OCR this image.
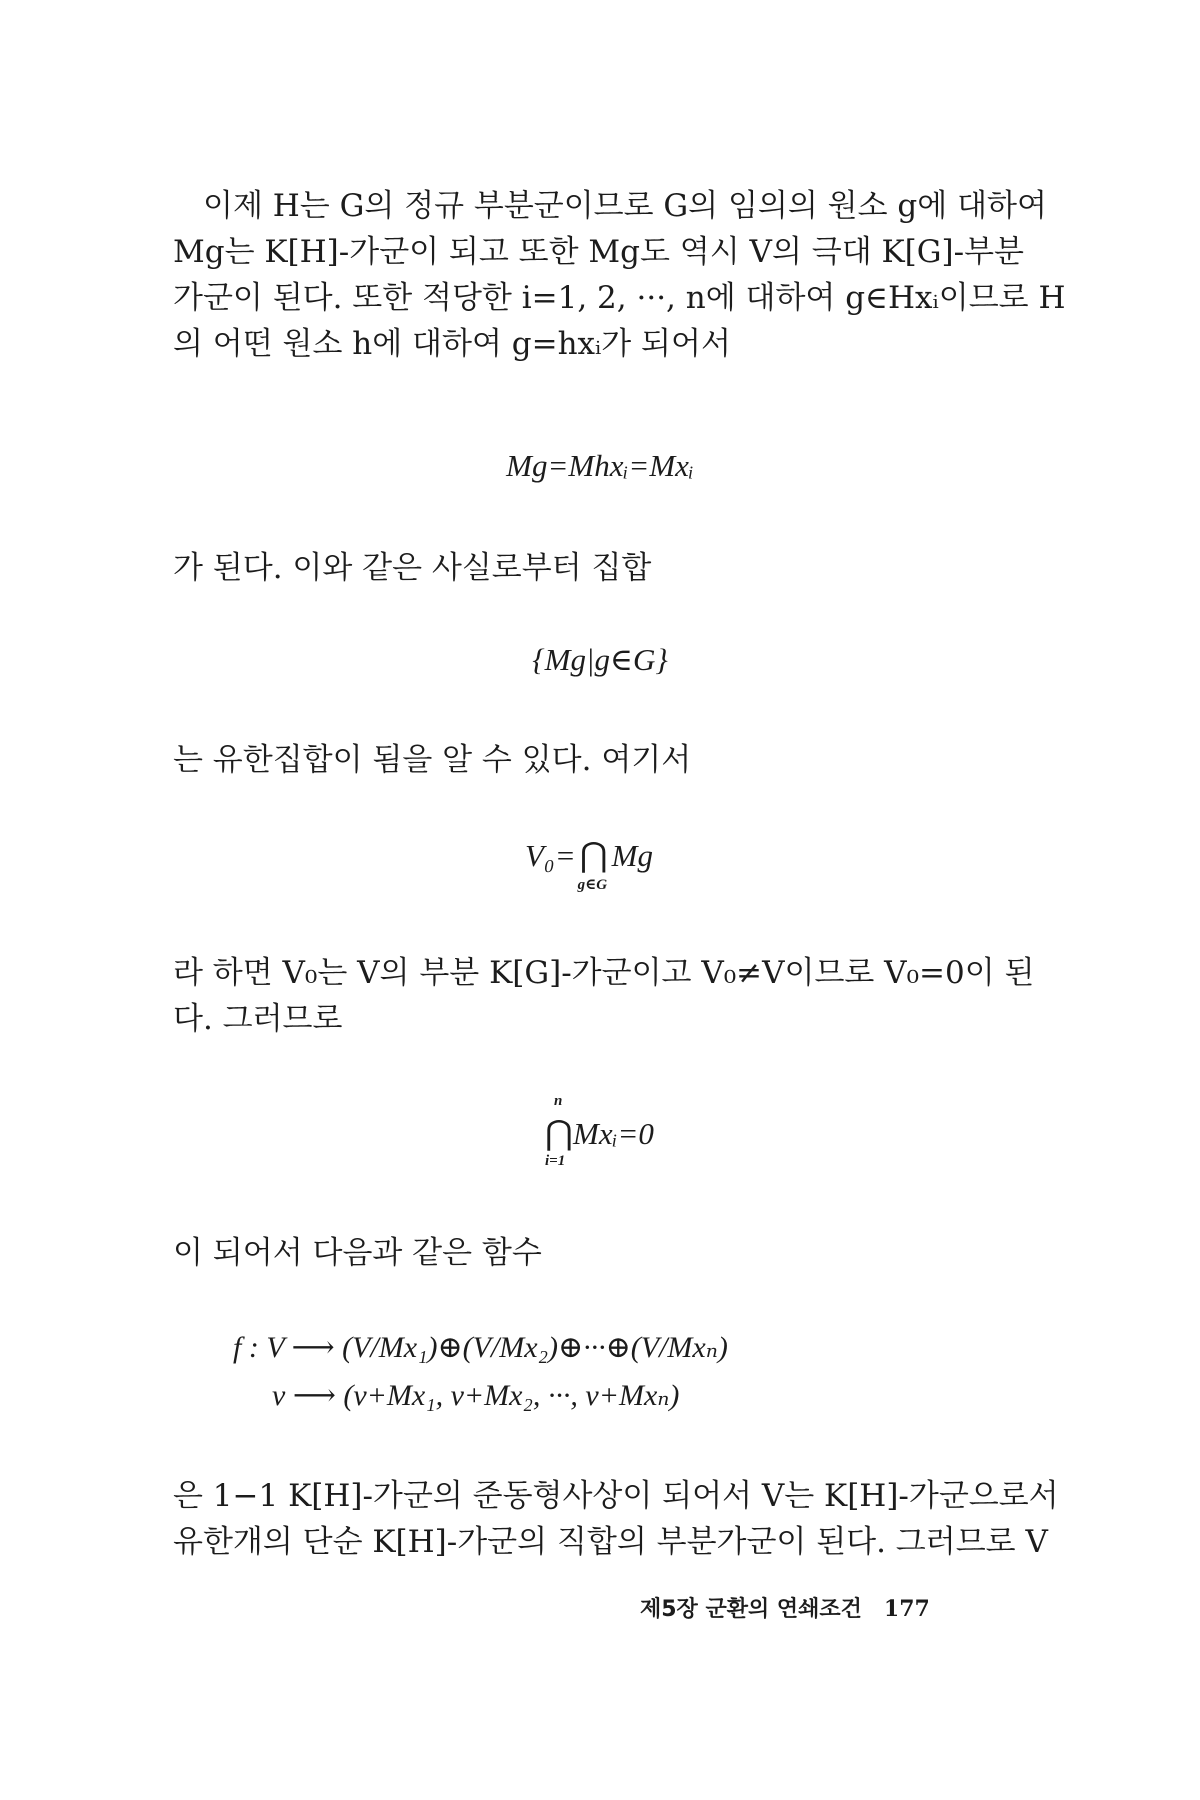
이제 H는 G의 정규 부분군이므로 G의 임의의 원소 g에 대하여
Mg는 K[H]-가군이 되고 또한 Mg도 역시 V의 극대 K[G]-부분
가군이 된다. 또한 적당한 i=1, 2, ···, n에 대하여 g∈Hxᵢ이므로 H
의 어떤 원소 h에 대하여 g=hxᵢ가 되어서

Mg=Mhxᵢ=Mxᵢ

가 된다. 이와 같은 사실로부터 집합

{Mg|g∈G}

는 유한집합이 됨을 알 수 있다. 여기서

V₀= ⋂
g∈G
Mg

라 하면 V₀는 V의 부분 K[G]-가군이고 V₀≠V이므로 V₀=0이 된
다. 그러므로

n
⋂
i=1
Mxᵢ=0

이 되어서 다음과 같은 함수

f : V ⟶ (V/Mx₁)⊕(V/Mx₂)⊕···⊕(V/Mxₙ)
v ⟶ (v+Mx₁, v+Mx₂, ···, v+Mxₙ)

은 1−1 K[H]-가군의 준동형사상이 되어서 V는 K[H]-가군으로서
유한개의 단순 K[H]-가군의 직합의 부분가군이 된다. 그러므로 V

제5장 군환의 연쇄조건 177
